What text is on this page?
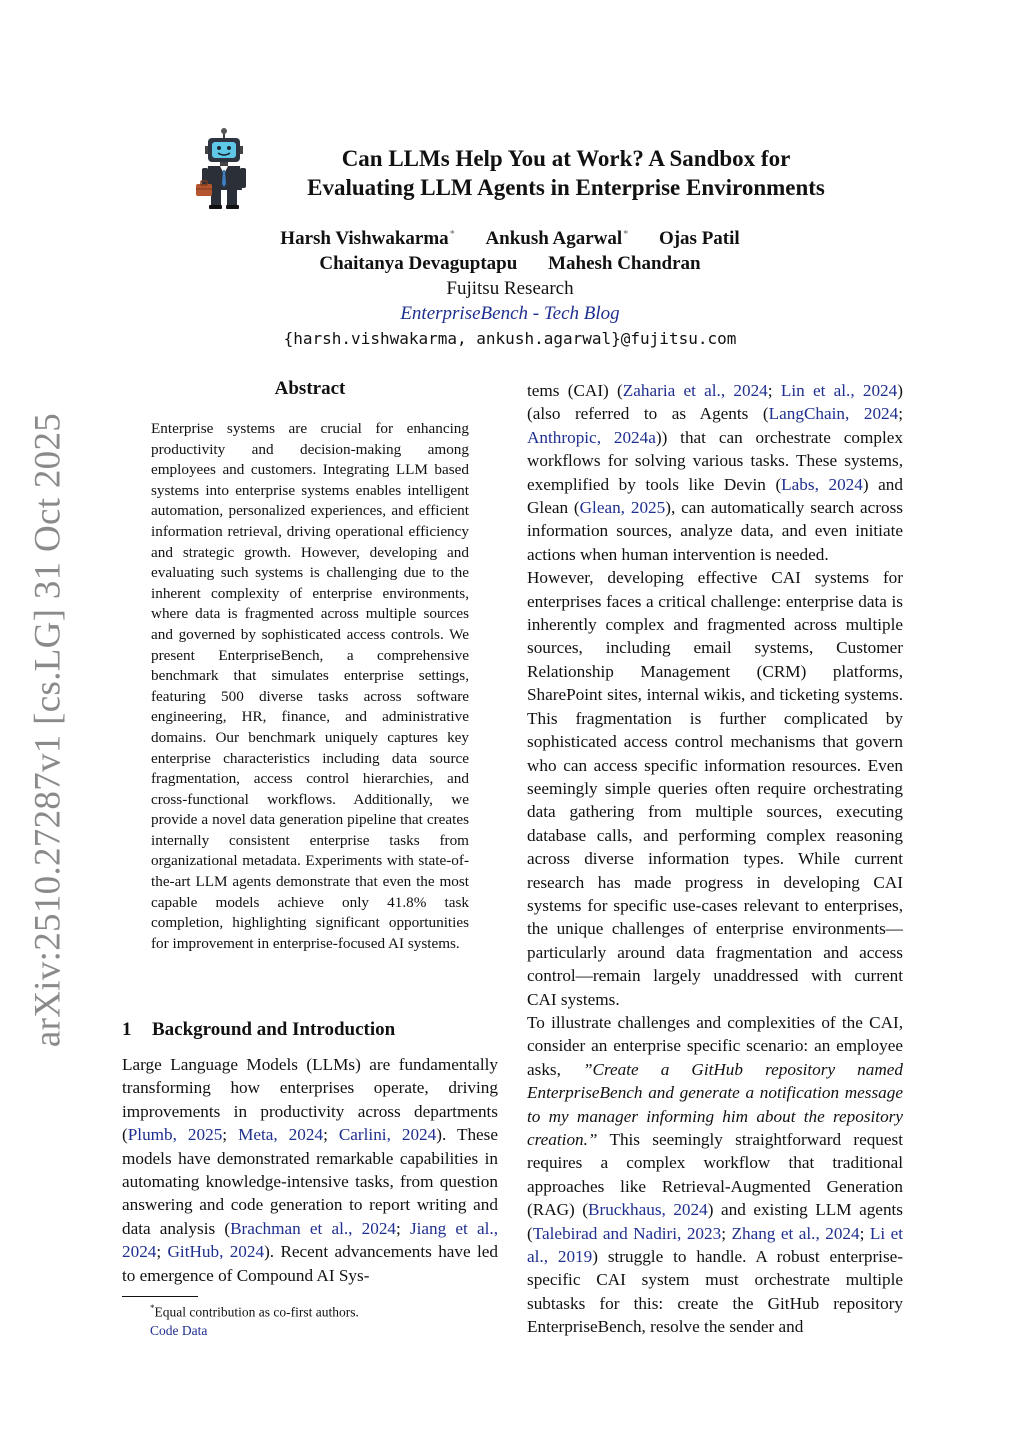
arXiv:2510.27287v1 [cs.LG] 31 Oct 2025
Can LLMs Help You at Work? A Sandbox for
Evaluating LLM Agents in Enterprise Environments
Harsh Vishwakarma* Ankush Agarwal* Ojas Patil
Chaitanya Devaguptapu Mahesh Chandran
Fujitsu Research
EnterpriseBench - Tech Blog
{harsh.vishwakarma, ankush.agarwal}@fujitsu.com
Abstract
Enterprise systems are crucial for enhancing productivity and decision-making among employees and customers. Integrating LLM based systems into enterprise systems enables intelligent automation, personalized experiences, and efficient information retrieval, driving operational efficiency and strategic growth. However, developing and evaluating such systems is challenging due to the inherent complexity of enterprise environments, where data is fragmented across multiple sources and governed by sophisticated access controls. We present EnterpriseBench, a comprehensive benchmark that simulates enterprise settings, featuring 500 diverse tasks across software engineering, HR, finance, and administrative domains. Our benchmark uniquely captures key enterprise characteristics including data source fragmentation, access control hierarchies, and cross-functional workflows. Additionally, we provide a novel data generation pipeline that creates internally consistent enterprise tasks from organizational metadata. Experiments with state-of-the-art LLM agents demonstrate that even the most capable models achieve only 41.8% task completion, highlighting significant opportunities for improvement in enterprise-focused AI systems.
1 Background and Introduction
Large Language Models (LLMs) are fundamentally transforming how enterprises operate, driving improvements in productivity across departments (Plumb, 2025; Meta, 2024; Carlini, 2024). These models have demonstrated remarkable capabilities in automating knowledge-intensive tasks, from question answering and code generation to report writing and data analysis (Brachman et al., 2024; Jiang et al., 2024; GitHub, 2024). Recent advancements have led to emergence of Compound AI Sys-
*Equal contribution as co-first authors.
Code Data

tems (CAI) (Zaharia et al., 2024; Lin et al., 2024) (also referred to as Agents (LangChain, 2024; Anthropic, 2024a)) that can orchestrate complex workflows for solving various tasks. These systems, exemplified by tools like Devin (Labs, 2024) and Glean (Glean, 2025), can automatically search across information sources, analyze data, and even initiate actions when human intervention is needed.

However, developing effective CAI systems for enterprises faces a critical challenge: enterprise data is inherently complex and fragmented across multiple sources, including email systems, Customer Relationship Management (CRM) platforms, SharePoint sites, internal wikis, and ticketing systems. This fragmentation is further complicated by sophisticated access control mechanisms that govern who can access specific information resources. Even seemingly simple queries often require orchestrating data gathering from multiple sources, executing database calls, and performing complex reasoning across diverse information types. While current research has made progress in developing CAI systems for specific use-cases relevant to enterprises, the unique challenges of enterprise environments—particularly around data fragmentation and access control—remain largely unaddressed with current CAI systems.

To illustrate challenges and complexities of the CAI, consider an enterprise specific scenario: an employee asks, ”Create a GitHub repository named EnterpriseBench and generate a notification message to my manager informing him about the repository creation.” This seemingly straightforward request requires a complex workflow that traditional approaches like Retrieval-Augmented Generation (RAG) (Bruckhaus, 2024) and existing LLM agents (Talebirad and Nadiri, 2023; Zhang et al., 2024; Li et al., 2019) struggle to handle. A robust enterprise-specific CAI system must orchestrate multiple subtasks for this: create the GitHub repository EnterpriseBench, resolve the sender and
